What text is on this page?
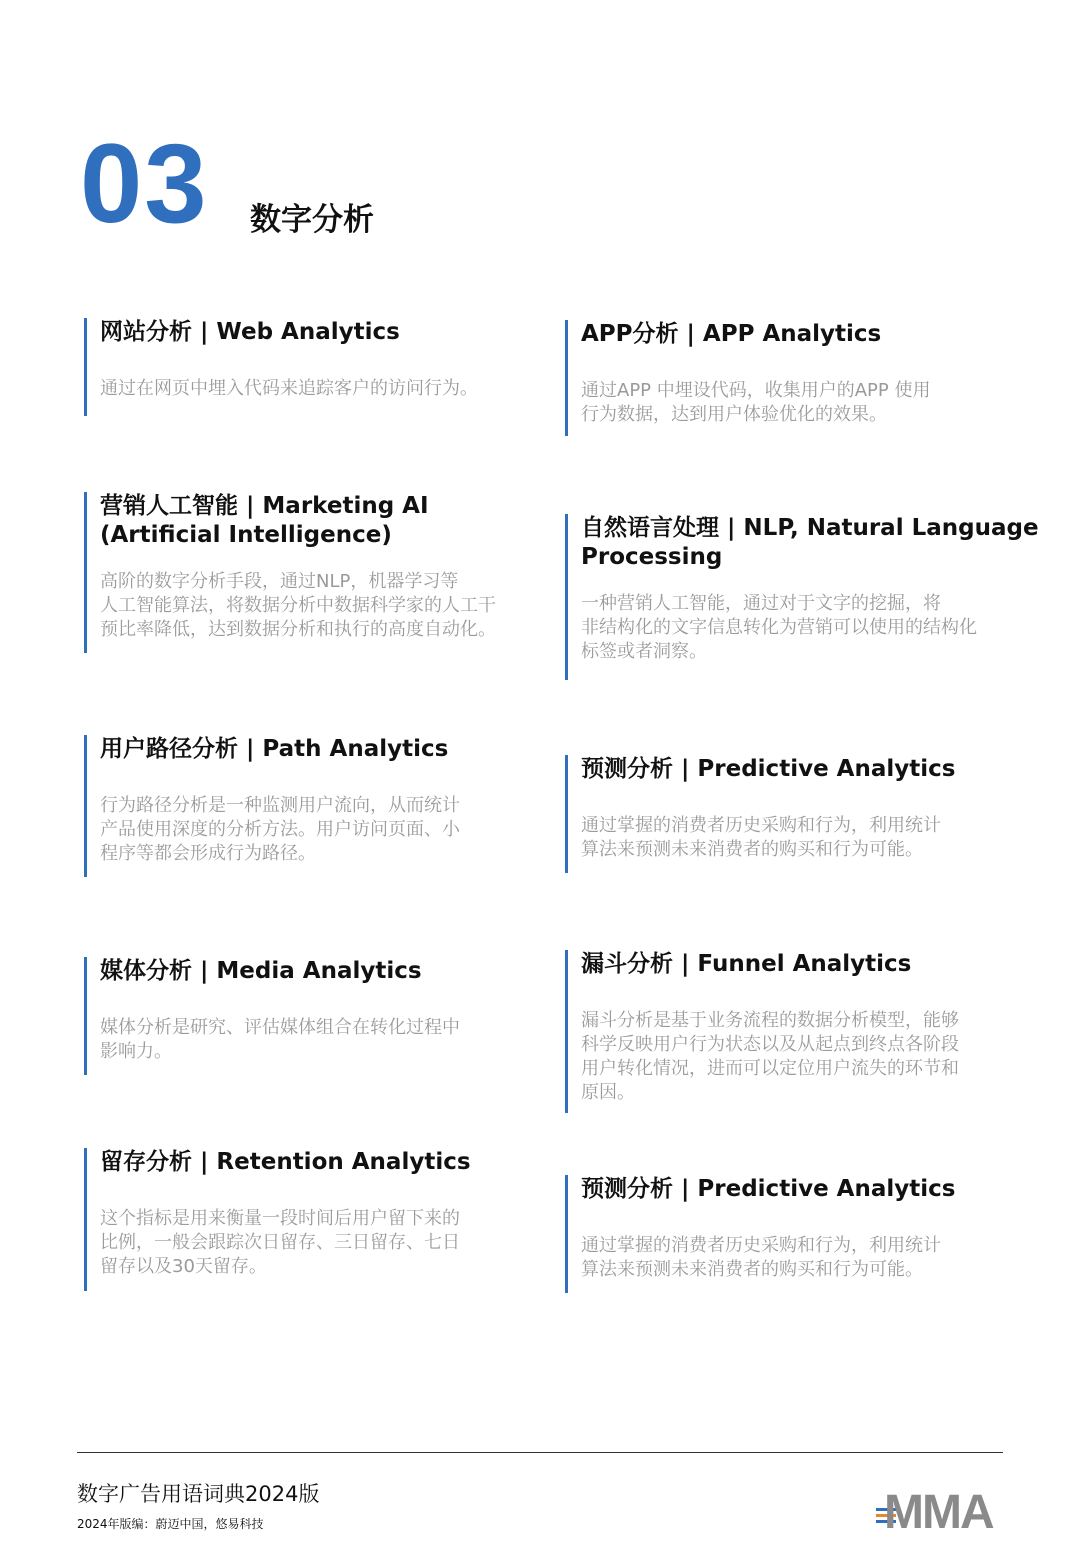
03 数字分析
网站分析 | Web Analytics
通过在网页中埋入代码来追踪客户的访问行为。
营销人工智能 | Marketing AI
(Artificial Intelligence)
高阶的数字分析手段，通过NLP，机器学习等
人工智能算法，将数据分析中数据科学家的人工干
预比率降低，达到数据分析和执行的高度自动化。
用户路径分析 | Path Analytics
行为路径分析是一种监测用户流向，从而统计
产品使用深度的分析方法。用户访问页面、小
程序等都会形成行为路径。
媒体分析 | Media Analytics
媒体分析是研究、评估媒体组合在转化过程中
影响力。
留存分析 | Retention Analytics
这个指标是用来衡量一段时间后用户留下来的
比例，一般会跟踪次日留存、三日留存、七日
留存以及30天留存。
APP分析 | APP Analytics
通过APP 中埋设代码，收集用户的APP 使用
行为数据，达到用户体验优化的效果。
自然语言处理 | NLP, Natural Language
Processing
一种营销人工智能，通过对于文字的挖掘，将
非结构化的文字信息转化为营销可以使用的结构化
标签或者洞察。
预测分析 | Predictive Analytics
通过掌握的消费者历史采购和行为，利用统计
算法来预测未来消费者的购买和行为可能。
漏斗分析 | Funnel Analytics
漏斗分析是基于业务流程的数据分析模型，能够
科学反映用户行为状态以及从起点到终点各阶段
用户转化情况，进而可以定位用户流失的环节和
原因。
预测分析 | Predictive Analytics
通过掌握的消费者历史采购和行为，利用统计
算法来预测未来消费者的购买和行为可能。
数字广告用语词典2024版
2024年版编：蔚迈中国，悠易科技	MMA
